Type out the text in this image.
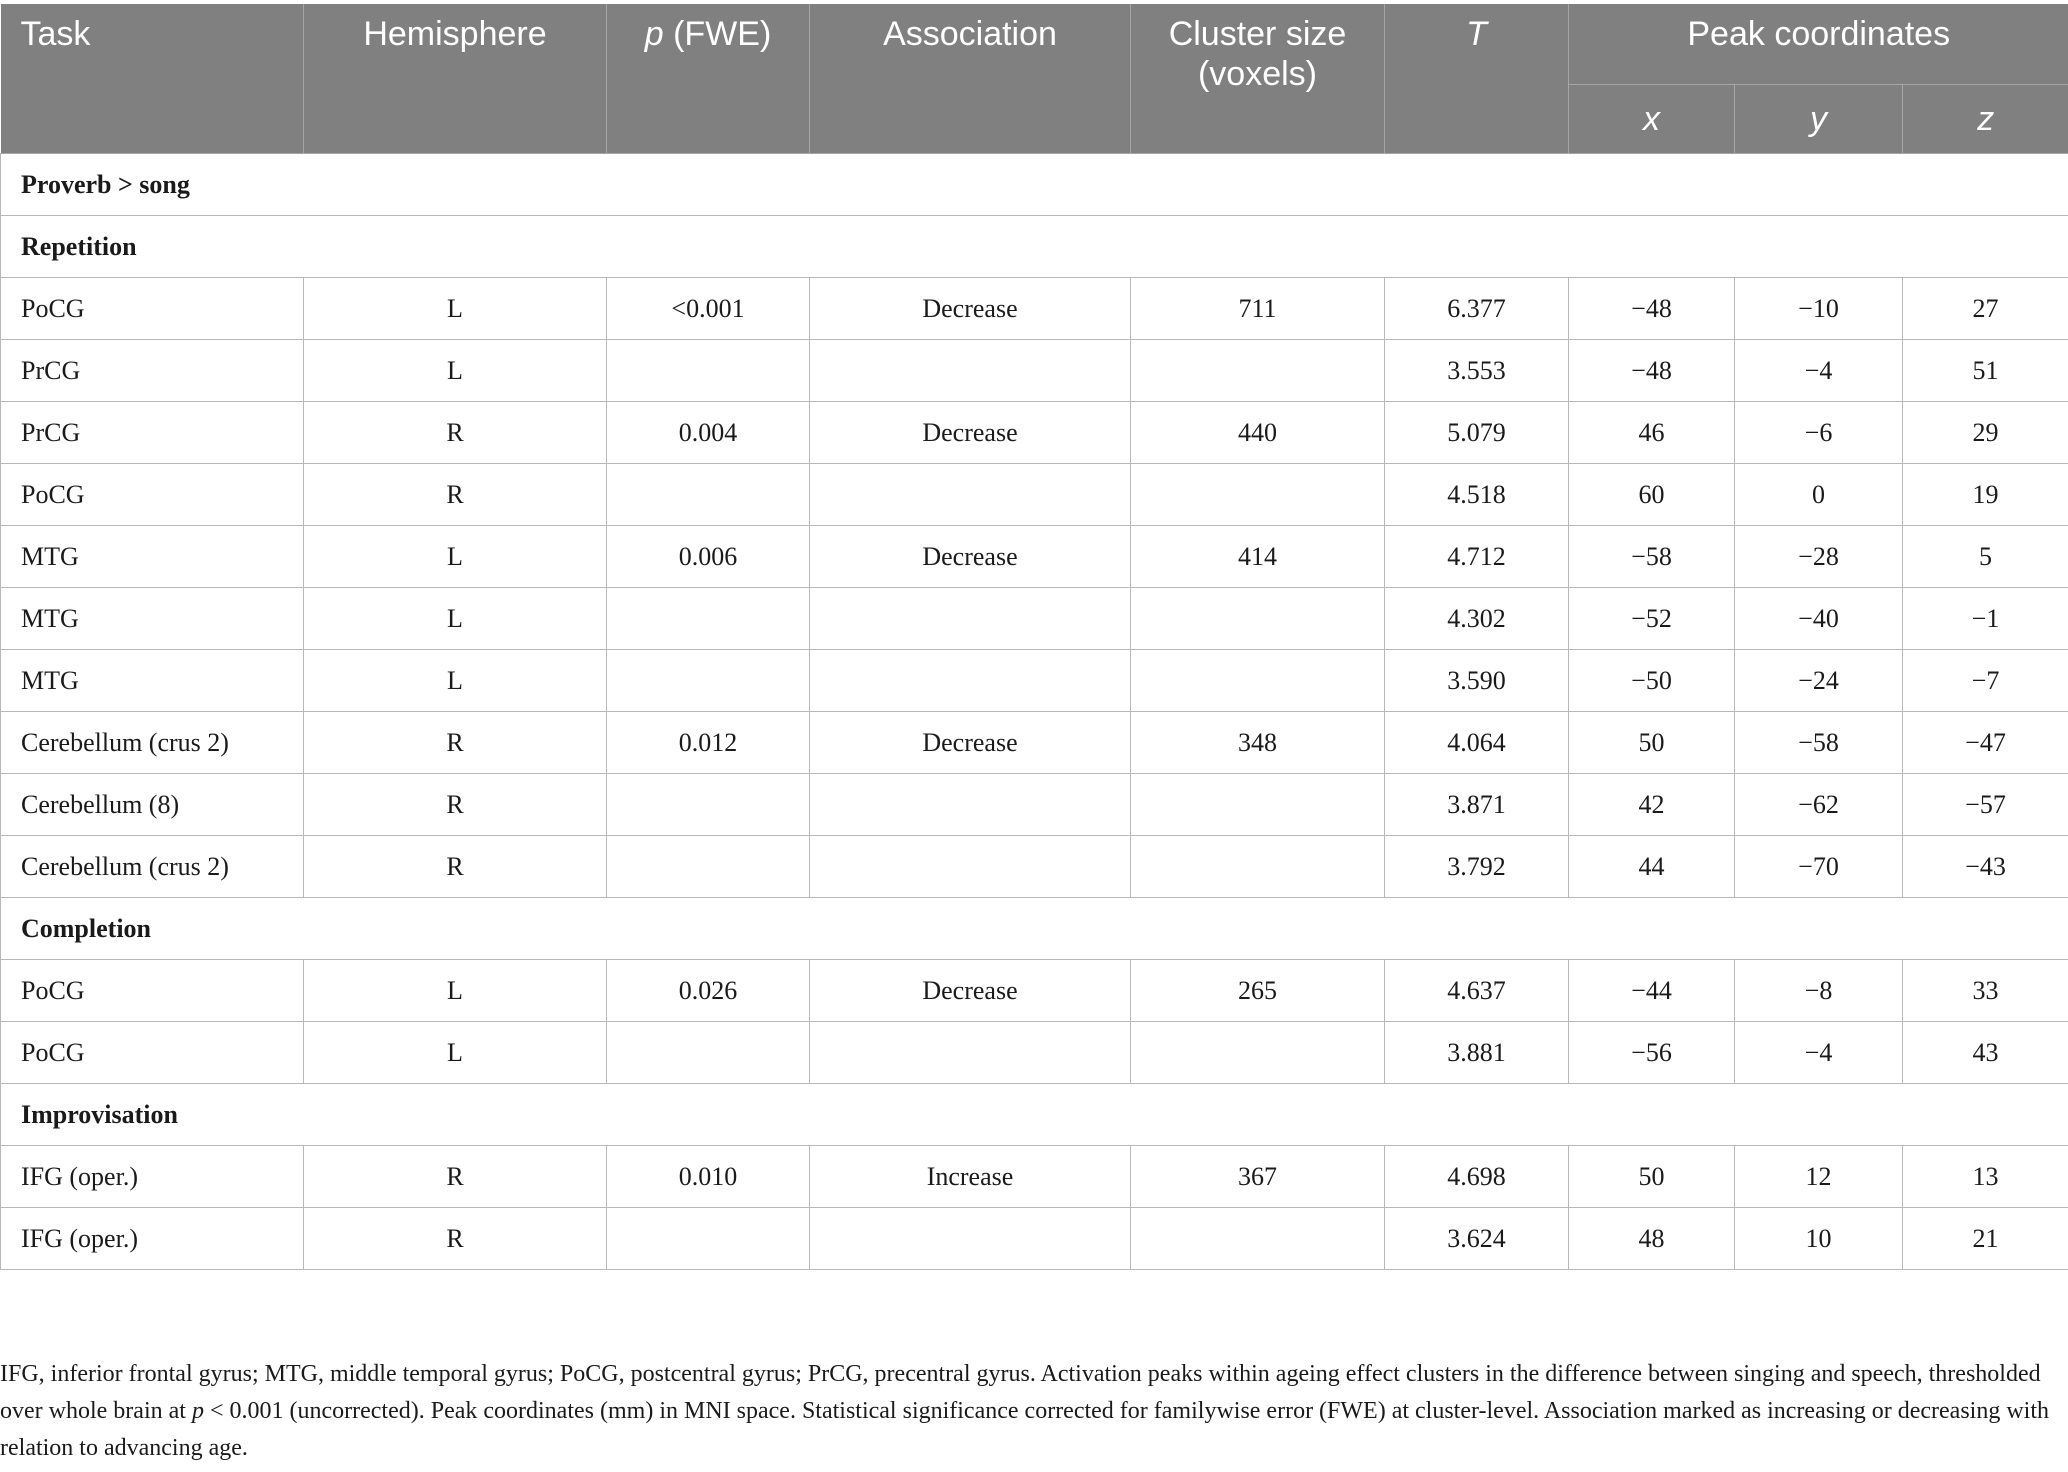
Task	Hemisphere	p (FWE)	Association	Cluster size
(voxels)	T	Peak coordinates		
						x	y	z
Proverb > song								
Repetition								
PoCG	L	<0.001	Decrease	711	6.377	−48	−10	27
PrCG	L				3.553	−48	−4	51
PrCG	R	0.004	Decrease	440	5.079	46	−6	29
PoCG	R				4.518	60	0	19
MTG	L	0.006	Decrease	414	4.712	−58	−28	5
MTG	L				4.302	−52	−40	−1
MTG	L				3.590	−50	−24	−7
Cerebellum (crus 2)	R	0.012	Decrease	348	4.064	50	−58	−47
Cerebellum (8)	R				3.871	42	−62	−57
Cerebellum (crus 2)	R				3.792	44	−70	−43
Completion								
PoCG	L	0.026	Decrease	265	4.637	−44	−8	33
PoCG	L				3.881	−56	−4	43
Improvisation								
IFG (oper.)	R	0.010	Increase	367	4.698	50	12	13
IFG (oper.)	R				3.624	48	10	21

IFG, inferior frontal gyrus; MTG, middle temporal gyrus; PoCG, postcentral gyrus; PrCG, precentral gyrus. Activation peaks within ageing effect clusters in the difference between singing and speech, thresholded over whole brain at p < 0.001 (uncorrected). Peak coordinates (mm) in MNI space. Statistical significance corrected for familywise error (FWE) at cluster-level. Association marked as increasing or decreasing with relation to advancing age.
